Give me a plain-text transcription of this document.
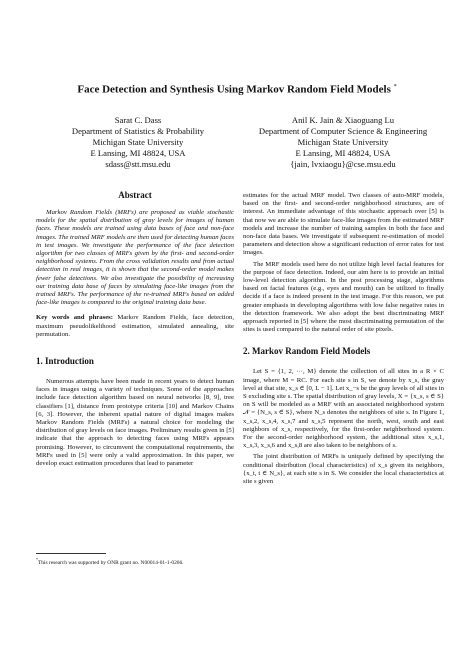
Face Detection and Synthesis Using Markov Random Field Models *
Sarat C. Dass
Department of Statistics & Probability
Michigan State University
E Lansing, MI 48824, USA
sdass@stt.msu.edu
Anil K. Jain & Xiaoguang Lu
Department of Computer Science & Engineering
Michigan State University
E Lansing, MI 48824, USA
{jain, lvxiaogu}@cse.msu.edu
Abstract

Markov Random Fields (MRFs) are proposed as viable stochastic models for the spatial distribution of gray levels for images of human faces. These models are trained using data bases of face and non-face images. The trained MRF models are then used for detecting human faces in test images. We investigate the performance of the face detection algorithm for two classes of MRFs given by the first- and second-order neighborhood systems. From the cross validation results and from actual detection in real images, it is shown that the second-order model makes fewer false detections. We also investigate the possibility of increasing our training data base of faces by simulating face-like images from the trained MRFs. The performance of the re-trained MRFs based on added face-like images is compared to the original training data base.

Key words and phrases: Markov Random Fields, face detection, maximum pseudolikelihood estimation, simulated annealing, site permutation.

1. Introduction

Numerous attempts have been made in recent years to detect human faces in images using a variety of techniques. Some of the approaches include face detection algorithm based on neural networks [8, 9], tree classifiers [1], distance from prototype criteria [10] and Markov Chains [6, 3]. However, the inherent spatial nature of digital images makes Markov Random Fields (MRFs) a natural choice for modeling the distribution of gray levels on face images. Preliminary results given in [5] indicate that the approach to detecting faces using MRFs appears promising. However, to circumvent the computational requirements, the MRFs used in [5] were only a valid approximation. In this paper, we develop exact estimation procedures that lead to parameter

*This research was supported by ONR grant no. N00014-01-1-0266.

estimates for the actual MRF model. Two classes of auto-MRF models, based on the first- and second-order neighborhood structures, are of interest. An immediate advantage of this stochastic approach over [5] is that now we are able to simulate face-like images from the estimated MRF models and increase the number of training samples in both the face and non-face data bases. We investigate if subsequent re-estimation of model parameters and detection show a significant reduction of error rates for test images.

The MRF models used here do not utilize high level facial features for the purpose of face detection. Indeed, our aim here is to provide an initial low-level detection algorithm. In the post processing stage, algorithms based on facial features (e.g., eyes and mouth) can be utilized to finally decide if a face is indeed present in the test image. For this reason, we put greater emphasis in developing algorithms with low false negative rates in the detection framework. We also adopt the best discriminating MRF approach reported in [5] where the most discriminating permutation of the sites is used compared to the natural order of site pixels.

2. Markov Random Field Models

Let S = {1, 2, ···, M} denote the collection of all sites in a R × C image, where M = RC. For each site s in S, we denote by x_s, the gray level at that site, x_s ∈ [0, L − 1]. Let x_−s be the gray levels of all sites in S excluding site s. The spatial distribution of gray levels, X = {x_s, s ∈ S} on S will be modeled as a MRF with an associated neighborhood system 𝒩 = {N_s, s ∈ S}, where N_s denotes the neighbors of site s. In Figure 1, x_s,2, x_s,4, x_s,7 and x_s,5 represent the north, west, south and east neighbors of x_s, respectively, for the first-order neighborhood system. For the second-order neighborhood system, the additional sites x_s,1, x_s,3, x_s,6 and x_s,8 are also taken to be neighbors of s.

The joint distribution of MRFs is uniquely defined by specifying the conditional distribution (local characteristics) of x_s given its neighbors, {x_t, t ∈ N_s}, at each site s in S. We consider the local characteristics at site s given
